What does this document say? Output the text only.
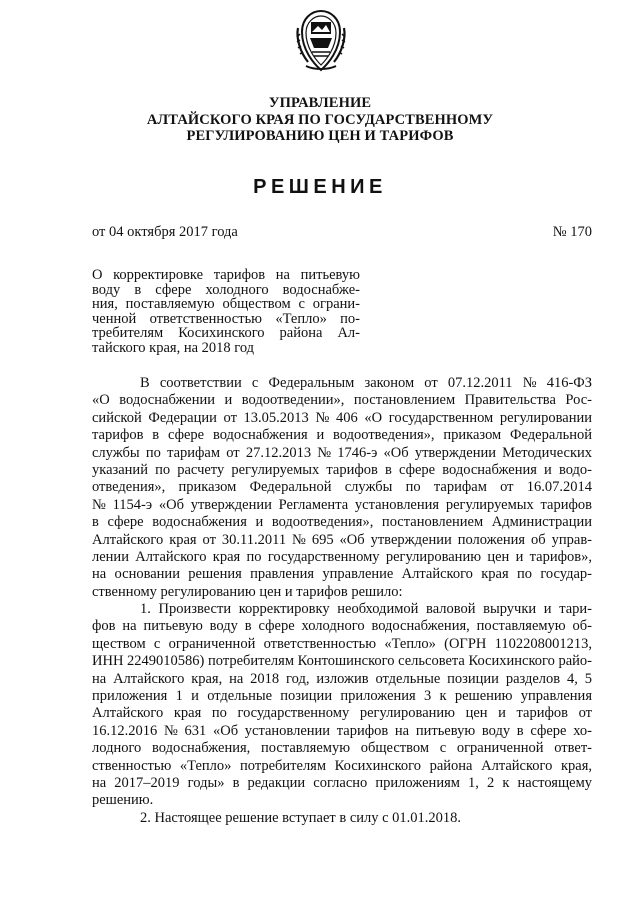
УПРАВЛЕНИЕ
АЛТАЙСКОГО КРАЯ ПО ГОСУДАРСТВЕННОМУ
РЕГУЛИРОВАНИЮ ЦЕН И ТАРИФОВ
РЕШЕНИЕ
от 04 октября 2017 года	№ 170
О корректировке тарифов на питьевую
воду в сфере холодного водоснабже-
ния, поставляемую обществом с ограни-
ченной ответственностью «Тепло» по-
требителям Косихинского района Ал-
тайского края, на 2018 год
В соответствии с Федеральным законом от 07.12.2011 № 416-ФЗ
«О водоснабжении и водоотведении», постановлением Правительства Рос-
сийской Федерации от 13.05.2013 № 406 «О государственном регулировании
тарифов в сфере водоснабжения и водоотведения», приказом Федеральной
службы по тарифам от 27.12.2013 № 1746-э «Об утверждении Методических
указаний по расчету регулируемых тарифов в сфере водоснабжения и водо-
отведения», приказом Федеральной службы по тарифам от 16.07.2014
№ 1154-э «Об утверждении Регламента установления регулируемых тарифов
в сфере водоснабжения и водоотведения», постановлением Администрации
Алтайского края от 30.11.2011 № 695 «Об утверждении положения об управ-
лении Алтайского края по государственному регулированию цен и тарифов»,
на основании решения правления управление Алтайского края по государ-
ственному регулированию цен и тарифов решило:
1. Произвести корректировку необходимой валовой выручки и тари-
фов на питьевую воду в сфере холодного водоснабжения, поставляемую об-
ществом с ограниченной ответственностью «Тепло» (ОГРН 1102208001213,
ИНН 2249010586) потребителям Контошинского сельсовета Косихинского райо-
на Алтайского края, на 2018 год, изложив отдельные позиции разделов 4, 5
приложения 1 и отдельные позиции приложения 3 к решению управления
Алтайского края по государственному регулированию цен и тарифов от
16.12.2016 № 631 «Об установлении тарифов на питьевую воду в сфере хо-
лодного водоснабжения, поставляемую обществом с ограниченной ответ-
ственностью «Тепло» потребителям Косихинского района Алтайского края,
на 2017–2019 годы» в редакции согласно приложениям 1, 2 к настоящему
решению.
2. Настоящее решение вступает в силу с 01.01.2018.
